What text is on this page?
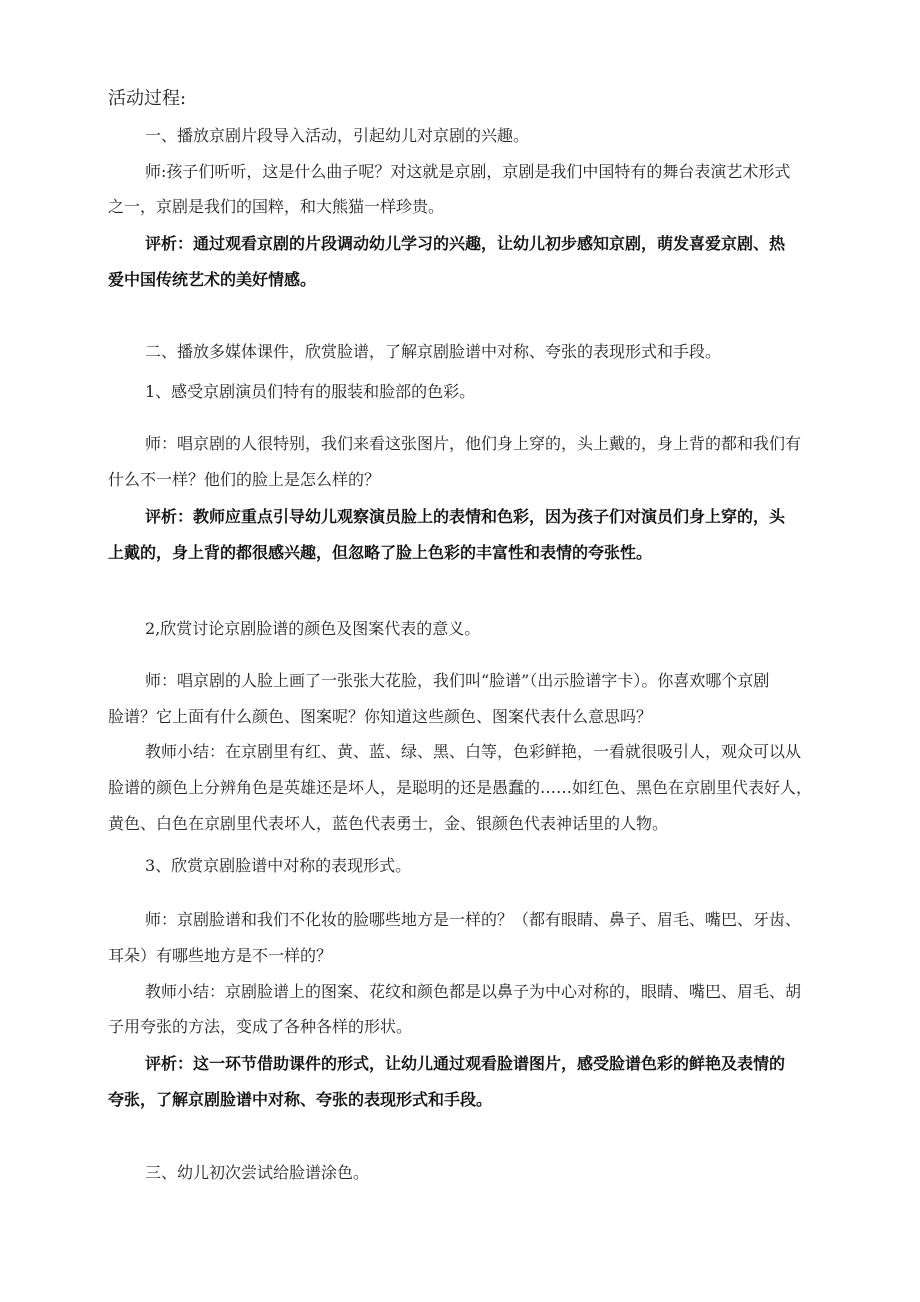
活动过程:
一、播放京剧片段导入活动，引起幼儿对京剧的兴趣。
师:孩子们听听，这是什么曲子呢？对这就是京剧，京剧是我们中国特有的舞台表演艺术形式
之一，京剧是我们的国粹，和大熊猫一样珍贵。
评析：通过观看京剧的片段调动幼儿学习的兴趣，让幼儿初步感知京剧，萌发喜爱京剧、热
爱中国传统艺术的美好情感。
二、播放多媒体课件，欣赏脸谱，了解京剧脸谱中对称、夸张的表现形式和手段。
1、感受京剧演员们特有的服装和脸部的色彩。
师：唱京剧的人很特别，我们来看这张图片，他们身上穿的，头上戴的，身上背的都和我们有
什么不一样？他们的脸上是怎么样的？
评析：教师应重点引导幼儿观察演员脸上的表情和色彩，因为孩子们对演员们身上穿的，头
上戴的，身上背的都很感兴趣，但忽略了脸上色彩的丰富性和表情的夸张性。
2,欣赏讨论京剧脸谱的颜色及图案代表的意义。
师：唱京剧的人脸上画了一张张大花脸，我们叫“脸谱”（出示脸谱字卡）。你喜欢哪个京剧
脸谱？它上面有什么颜色、图案呢？你知道这些颜色、图案代表什么意思吗？
教师小结：在京剧里有红、黄、蓝、绿、黑、白等，色彩鲜艳，一看就很吸引人，观众可以从
脸谱的颜色上分辨角色是英雄还是坏人，是聪明的还是愚蠢的……如红色、黑色在京剧里代表好人，
黄色、白色在京剧里代表坏人，蓝色代表勇士，金、银颜色代表神话里的人物。
3、欣赏京剧脸谱中对称的表现形式。
师：京剧脸谱和我们不化妆的脸哪些地方是一样的？（都有眼睛、鼻子、眉毛、嘴巴、牙齿、
耳朵）有哪些地方是不一样的？
教师小结：京剧脸谱上的图案、花纹和颜色都是以鼻子为中心对称的，眼睛、嘴巴、眉毛、胡
子用夸张的方法，变成了各种各样的形状。
评析：这一环节借助课件的形式，让幼儿通过观看脸谱图片，感受脸谱色彩的鲜艳及表情的
夸张，了解京剧脸谱中对称、夸张的表现形式和手段。
三、幼儿初次尝试给脸谱涂色。
